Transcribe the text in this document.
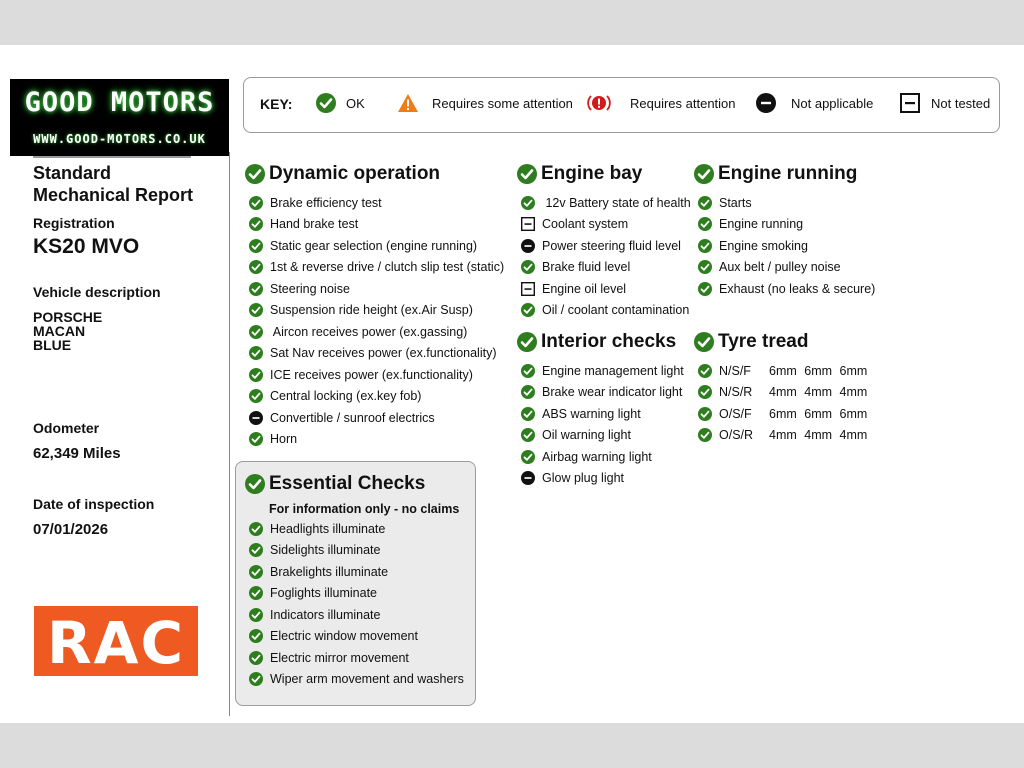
GOOD MOTORS
WWW.GOOD-MOTORS.CO.UK
Standard
Mechanical Report
Registration
KS20 MVO
Vehicle description
PORSCHE
MACAN
BLUE
Odometer
62,349 Miles
Date of inspection
07/01/2026
RAC
KEY:	OK	Requires some attention	Requires attention	Not applicable	Not tested
Dynamic operation
Brake efficiency test
Hand brake test
Static gear selection (engine running)
1st & reverse drive / clutch slip test (static)
Steering noise
Suspension ride height (ex.Air Susp)
Aircon receives power (ex.gassing)
Sat Nav receives power (ex.functionality)
ICE receives power (ex.functionality)
Central locking (ex.key fob)
Convertible / sunroof electrics
Horn
Essential Checks
For information only - no claims
Headlights illuminate
Sidelights illuminate
Brakelights illuminate
Foglights illuminate
Indicators illuminate
Electric window movement
Electric mirror movement
Wiper arm movement and washers
Engine bay
12v Battery state of health
Coolant system
Power steering fluid level
Brake fluid level
Engine oil level
Oil / coolant contamination
Interior checks
Engine management light
Brake wear indicator light
ABS warning light
Oil warning light
Airbag warning light
Glow plug light
Engine running
Starts
Engine running
Engine smoking
Aux belt / pulley noise
Exhaust (no leaks & secure)
Tyre tread
N/S/F	6mm 6mm 6mm
N/S/R	4mm 4mm 4mm
O/S/F	6mm 6mm 6mm
O/S/R	4mm 4mm 4mm
